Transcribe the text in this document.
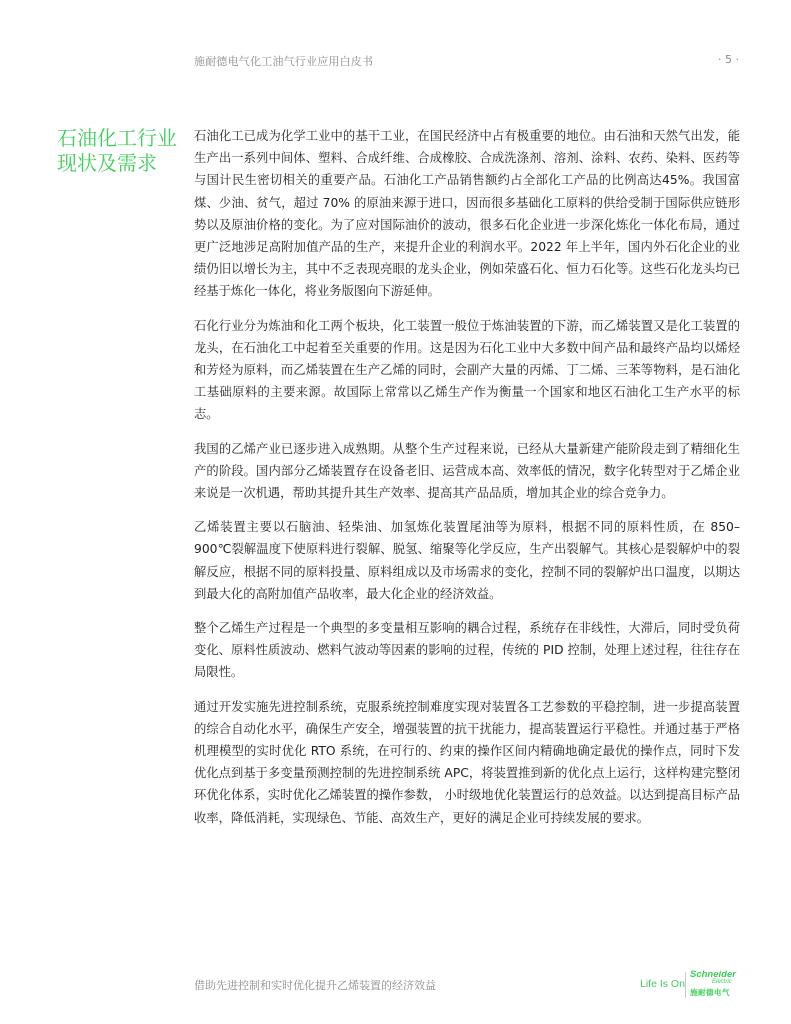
施耐德电气化工油气行业应用白皮书	· 5 ·
石油化工行业现状及需求

石油化工已成为化学工业中的基干工业，在国民经济中占有极重要的地位。由石油和天然气出发，能生产出一系列中间体、塑料、合成纤维、合成橡胶、合成洗涤剂、溶剂、涂料、农药、染料、医药等与国计民生密切相关的重要产品。石油化工产品销售额约占全部化工产品的比例高达45%。我国富煤、少油、贫气，超过 70% 的原油来源于进口，因而很多基础化工原料的供给受制于国际供应链形势以及原油价格的变化。为了应对国际油价的波动，很多石化企业进一步深化炼化一体化布局，通过更广泛地涉足高附加值产品的生产，来提升企业的利润水平。2022 年上半年，国内外石化企业的业绩仍旧以增长为主，其中不乏表现亮眼的龙头企业，例如荣盛石化、恒力石化等。这些石化龙头均已经基于炼化一体化，将业务版图向下游延伸。

石化行业分为炼油和化工两个板块，化工装置一般位于炼油装置的下游，而乙烯装置又是化工装置的龙头，在石油化工中起着至关重要的作用。这是因为石化工业中大多数中间产品和最终产品均以烯烃和芳烃为原料，而乙烯装置在生产乙烯的同时，会副产大量的丙烯、丁二烯、三苯等物料，是石油化工基础原料的主要来源。故国际上常常以乙烯生产作为衡量一个国家和地区石油化工生产水平的标志。

我国的乙烯产业已逐步进入成熟期。从整个生产过程来说，已经从大量新建产能阶段走到了精细化生产的阶段。国内部分乙烯装置存在设备老旧、运营成本高、效率低的情况，数字化转型对于乙烯企业来说是一次机遇，帮助其提升其生产效率、提高其产品品质，增加其企业的综合竞争力。

乙烯装置主要以石脑油、轻柴油、加氢炼化装置尾油等为原料，根据不同的原料性质，在 850–900℃裂解温度下使原料进行裂解、脱氢、缩聚等化学反应，生产出裂解气。其核心是裂解炉中的裂解反应，根据不同的原料投量、原料组成以及市场需求的变化，控制不同的裂解炉出口温度，以期达到最大化的高附加值产品收率，最大化企业的经济效益。

整个乙烯生产过程是一个典型的多变量相互影响的耦合过程，系统存在非线性，大滞后，同时受负荷变化、原料性质波动、燃料气波动等因素的影响的过程，传统的 PID 控制，处理上述过程，往往存在局限性。

通过开发实施先进控制系统，克服系统控制难度实现对装置各工艺参数的平稳控制，进一步提高装置的综合自动化水平，确保生产安全，增强装置的抗干扰能力，提高装置运行平稳性。并通过基于严格机理模型的实时优化 RTO 系统，在可行的、约束的操作区间内精确地确定最优的操作点，同时下发优化点到基于多变量预测控制的先进控制系统 APC，将装置推到新的优化点上运行，这样构建完整闭环优化体系，实时优化乙烯装置的操作参数， 小时级地优化装置运行的总效益。以达到提高目标产品收率，降低消耗，实现绿色、节能、高效生产，更好的满足企业可持续发展的要求。

借助先进控制和实时优化提升乙烯装置的经济效益	Life Is On
Schneider
Electric
施耐德电气
